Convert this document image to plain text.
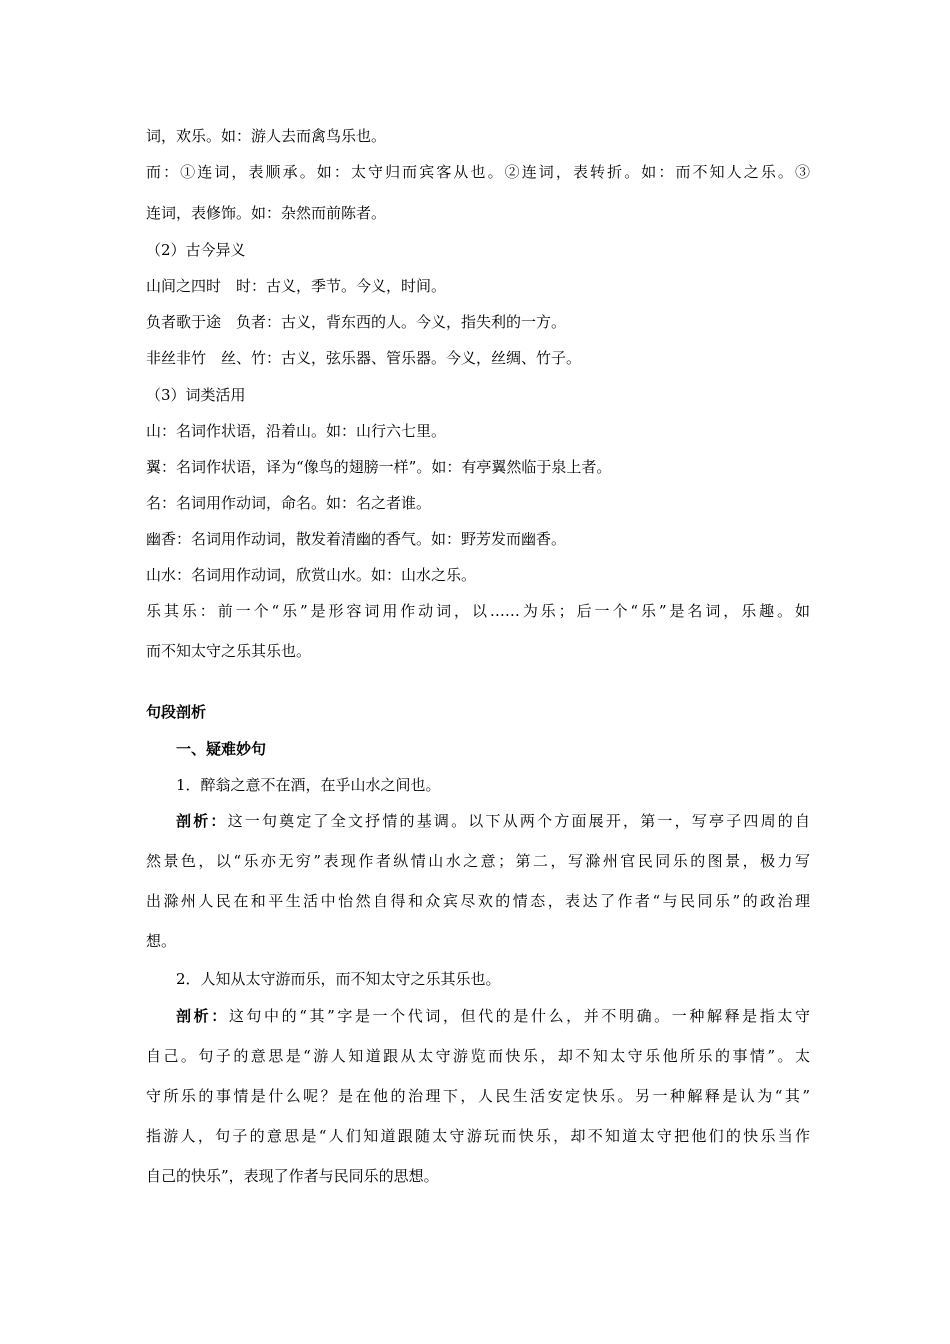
词，欢乐。如：游人去而禽鸟乐也。
而：①连词，表顺承。如：太守归而宾客从也。②连词，表转折。如：而不知人之乐。③
连词，表修饰。如：杂然而前陈者。
（2）古今异义
山间之四时　时：古义，季节。今义，时间。
负者歌于途　负者：古义，背东西的人。今义，指失利的一方。
非丝非竹　丝、竹：古义，弦乐器、管乐器。今义，丝绸、竹子。
（3）词类活用
山：名词作状语，沿着山。如：山行六七里。
翼：名词作状语，译为“像鸟的翅膀一样”。如：有亭翼然临于泉上者。
名：名词用作动词，命名。如：名之者谁。
幽香：名词用作动词，散发着清幽的香气。如：野芳发而幽香。
山水：名词用作动词，欣赏山水。如：山水之乐。
乐其乐：前一个“乐”是形容词用作动词，以……为乐；后一个“乐”是名词，乐趣。如
而不知太守之乐其乐也。
句段剖析
一、疑难妙句
1．醉翁之意不在酒，在乎山水之间也。
剖析：这一句奠定了全文抒情的基调。以下从两个方面展开，第一，写亭子四周的自
然景色，以“乐亦无穷”表现作者纵情山水之意；第二，写滁州官民同乐的图景，极力写
出滁州人民在和平生活中怡然自得和众宾尽欢的情态，表达了作者“与民同乐”的政治理
想。
2．人知从太守游而乐，而不知太守之乐其乐也。
剖析：这句中的“其”字是一个代词，但代的是什么，并不明确。一种解释是指太守
自己。句子的意思是“游人知道跟从太守游览而快乐，却不知太守乐他所乐的事情”。太
守所乐的事情是什么呢？是在他的治理下，人民生活安定快乐。另一种解释是认为“其”
指游人，句子的意思是“人们知道跟随太守游玩而快乐，却不知道太守把他们的快乐当作
自己的快乐”，表现了作者与民同乐的思想。
